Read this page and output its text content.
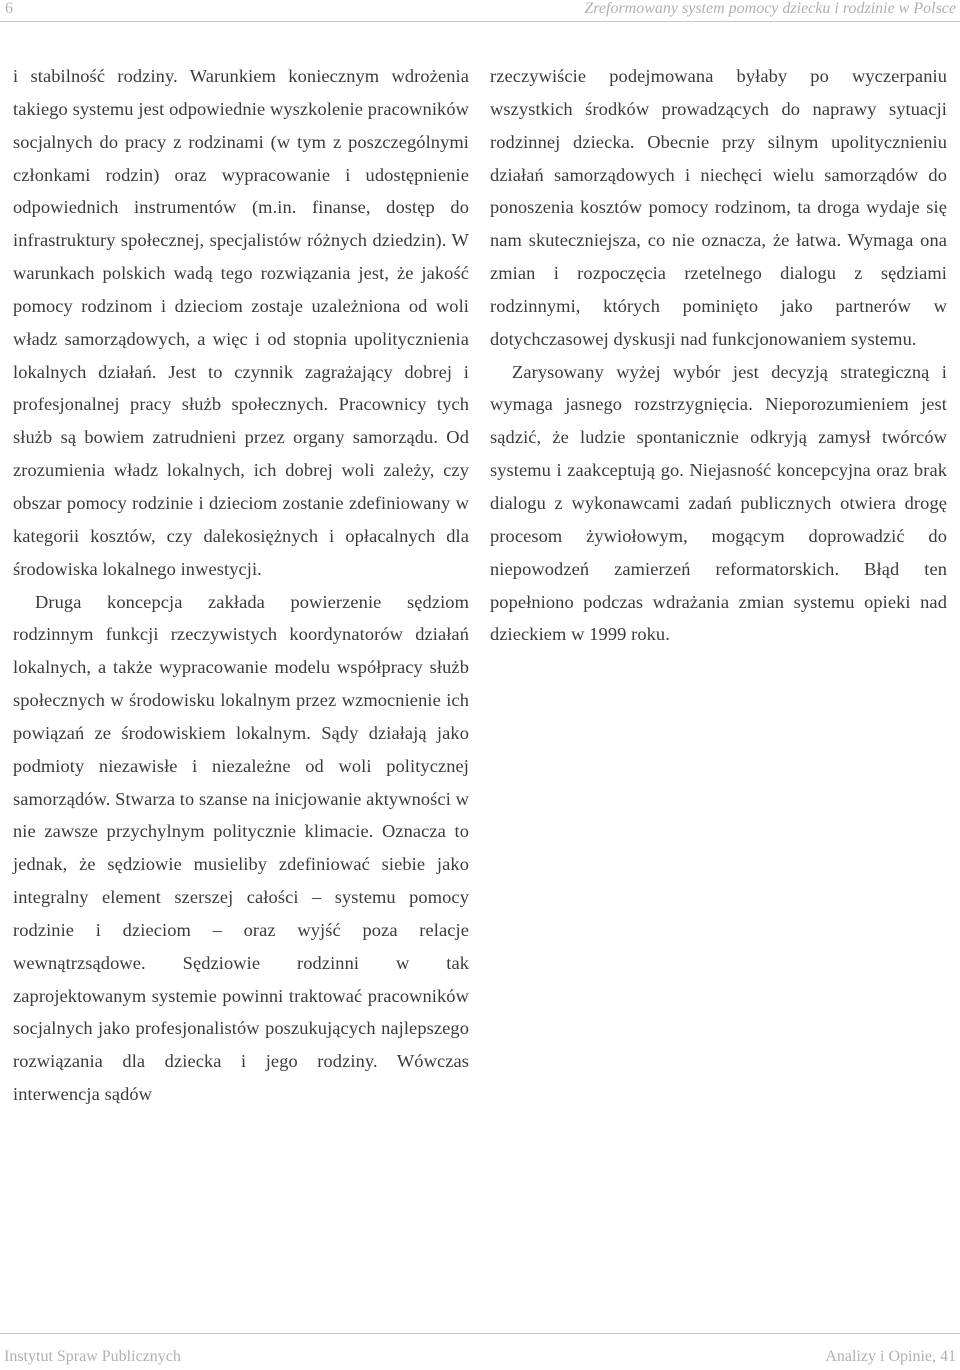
6	Zreformowany system pomocy dziecku i rodzinie w Polsce

i stabilność rodziny. Warunkiem koniecznym wdrożenia takiego systemu jest odpowiednie wyszkolenie pracowników socjalnych do pracy z rodzinami (w tym z poszczególnymi członkami rodzin) oraz wypracowanie i udostępnienie odpowiednich instrumentów (m.in. finanse, dostęp do infrastruktury społecznej, specjalistów różnych dziedzin). W warunkach polskich wadą tego rozwiązania jest, że jakość pomocy rodzinom i dzieciom zostaje uzależniona od woli władz samorządowych, a więc i od stopnia upolitycznienia lokalnych działań. Jest to czynnik zagrażający dobrej i profesjonalnej pracy służb społecznych. Pracownicy tych służb są bowiem zatrudnieni przez organy samorządu. Od zrozumienia władz lokalnych, ich dobrej woli zależy, czy obszar pomocy rodzinie i dzieciom zostanie zdefiniowany w kategorii kosztów, czy dalekosiężnych i opłacalnych dla środowiska lokalnego inwestycji.

Druga koncepcja zakłada powierzenie sędziom rodzinnym funkcji rzeczywistych koordynatorów działań lokalnych, a także wypracowanie modelu współpracy służb społecznych w środowisku lokalnym przez wzmocnienie ich powiązań ze środowiskiem lokalnym. Sądy działają jako podmioty niezawisłe i niezależne od woli politycznej samorządów. Stwarza to szanse na inicjowanie aktywności w nie zawsze przychylnym politycznie klimacie. Oznacza to jednak, że sędziowie musieliby zdefiniować siebie jako integralny element szerszej całości – systemu pomocy rodzinie i dzieciom – oraz wyjść poza relacje wewnątrzsądowe. Sędziowie rodzinni w tak zaprojektowanym systemie powinni traktować pracowników socjalnych jako profesjonalistów poszukujących najlepszego rozwiązania dla dziecka i jego rodziny. Wówczas interwencja sądów

rzeczywiście podejmowana byłaby po wyczerpaniu wszystkich środków prowadzących do naprawy sytuacji rodzinnej dziecka. Obecnie przy silnym upolitycznieniu działań samorządowych i niechęci wielu samorządów do ponoszenia kosztów pomocy rodzinom, ta droga wydaje się nam skuteczniejsza, co nie oznacza, że łatwa. Wymaga ona zmian i rozpoczęcia rzetelnego dialogu z sędziami rodzinnymi, których pominięto jako partnerów w dotychczasowej dyskusji nad funkcjonowaniem systemu.

Zarysowany wyżej wybór jest decyzją strategiczną i wymaga jasnego rozstrzygnięcia. Nieporozumieniem jest sądzić, że ludzie spontanicznie odkryją zamysł twórców systemu i zaakceptują go. Niejasność koncepcyjna oraz brak dialogu z wykonawcami zadań publicznych otwiera drogę procesom żywiołowym, mogącym doprowadzić do niepowodzeń zamierzeń reformatorskich. Błąd ten popełniono podczas wdrażania zmian systemu opieki nad dzieckiem w 1999 roku.

Instytut Spraw Publicznych	Analizy i Opinie, 41
